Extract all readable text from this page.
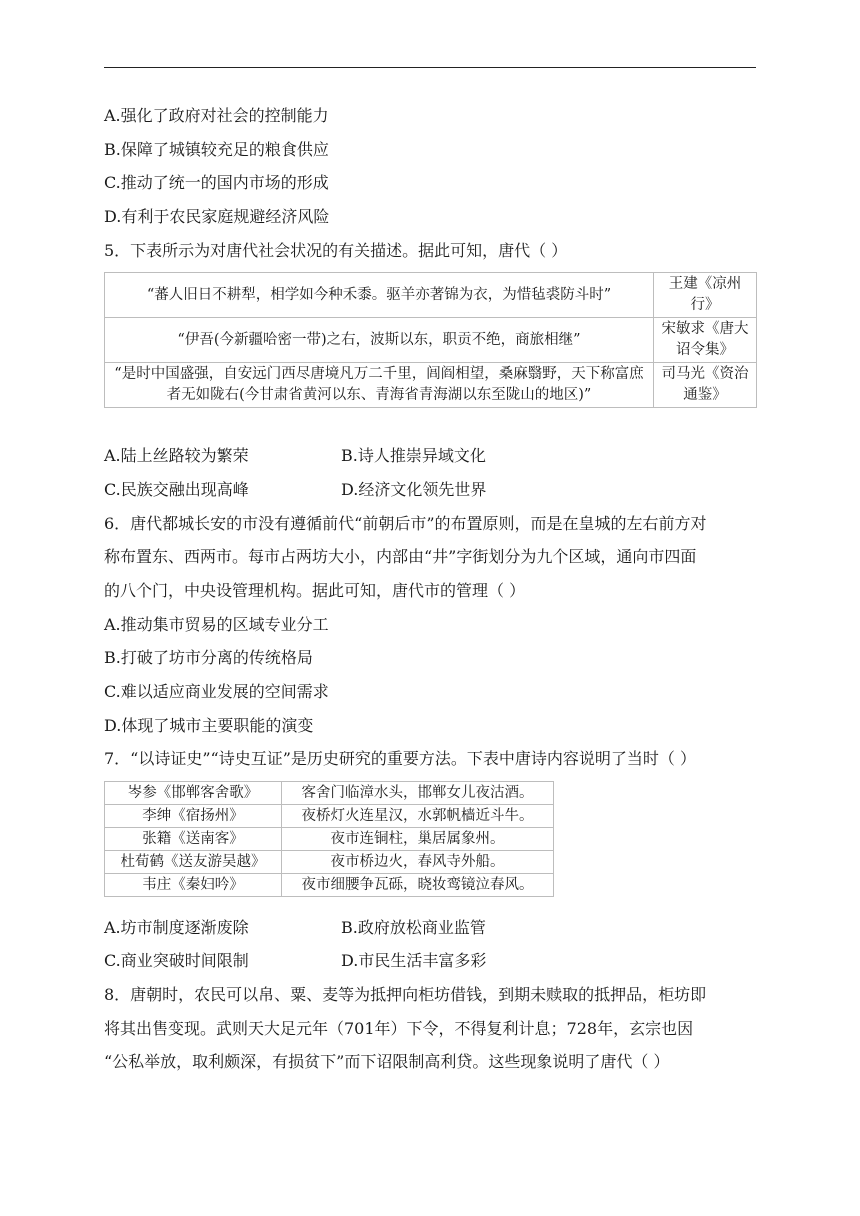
A.强化了政府对社会的控制能力
B.保障了城镇较充足的粮食供应
C.推动了统一的国内市场的形成
D.有利于农民家庭规避经济风险
5．下表所示为对唐代社会状况的有关描述。据此可知，唐代（ ）
“蕃人旧日不耕犁，相学如今种禾黍。驱羊亦著锦为衣，为惜毡裘防斗时”	王建《凉州行》
“伊吾(今新疆哈密一带)之右，波斯以东，职贡不绝，商旅相继”	宋敏求《唐大诏令集》
“是时中国盛强，自安远门西尽唐境凡万二千里，闾阎相望，桑麻翳野，天下称富庶者无如陇右(今甘肃省黄河以东、青海省青海湖以东至陇山的地区)”	司马光《资治通鉴》
A.陆上丝路较为繁荣	B.诗人推崇异域文化
C.民族交融出现高峰	D.经济文化领先世界
6．唐代都城长安的市没有遵循前代“前朝后市”的布置原则，而是在皇城的左右前方对
称布置东、西两市。每市占两坊大小，内部由“井”字街划分为九个区域，通向市四面
的八个门，中央设管理机构。据此可知，唐代市的管理（ ）
A.推动集市贸易的区域专业分工
B.打破了坊市分离的传统格局
C.难以适应商业发展的空间需求
D.体现了城市主要职能的演变
7．“以诗证史”“诗史互证”是历史研究的重要方法。下表中唐诗内容说明了当时（ ）
岑参《邯郸客舍歌》	客舍门临漳水头，邯郸女儿夜沽酒。
李绅《宿扬州》	夜桥灯火连星汉，水郭帆樯近斗牛。
张籍《送南客》	夜市连铜柱，巢居属象州。
杜荀鹤《送友游吴越》	夜市桥边火，春风寺外船。
韦庄《秦妇吟》	夜市细腰争瓦砾，晓妆鸾镜泣春风。
A.坊市制度逐渐废除	B.政府放松商业监管
C.商业突破时间限制	D.市民生活丰富多彩
8．唐朝时，农民可以帛、粟、麦等为抵押向柜坊借钱，到期未赎取的抵押品，柜坊即
将其出售变现。武则天大足元年（701年）下令，不得复利计息；728年，玄宗也因
“公私举放，取利颇深，有损贫下”而下诏限制高利贷。这些现象说明了唐代（ ）
